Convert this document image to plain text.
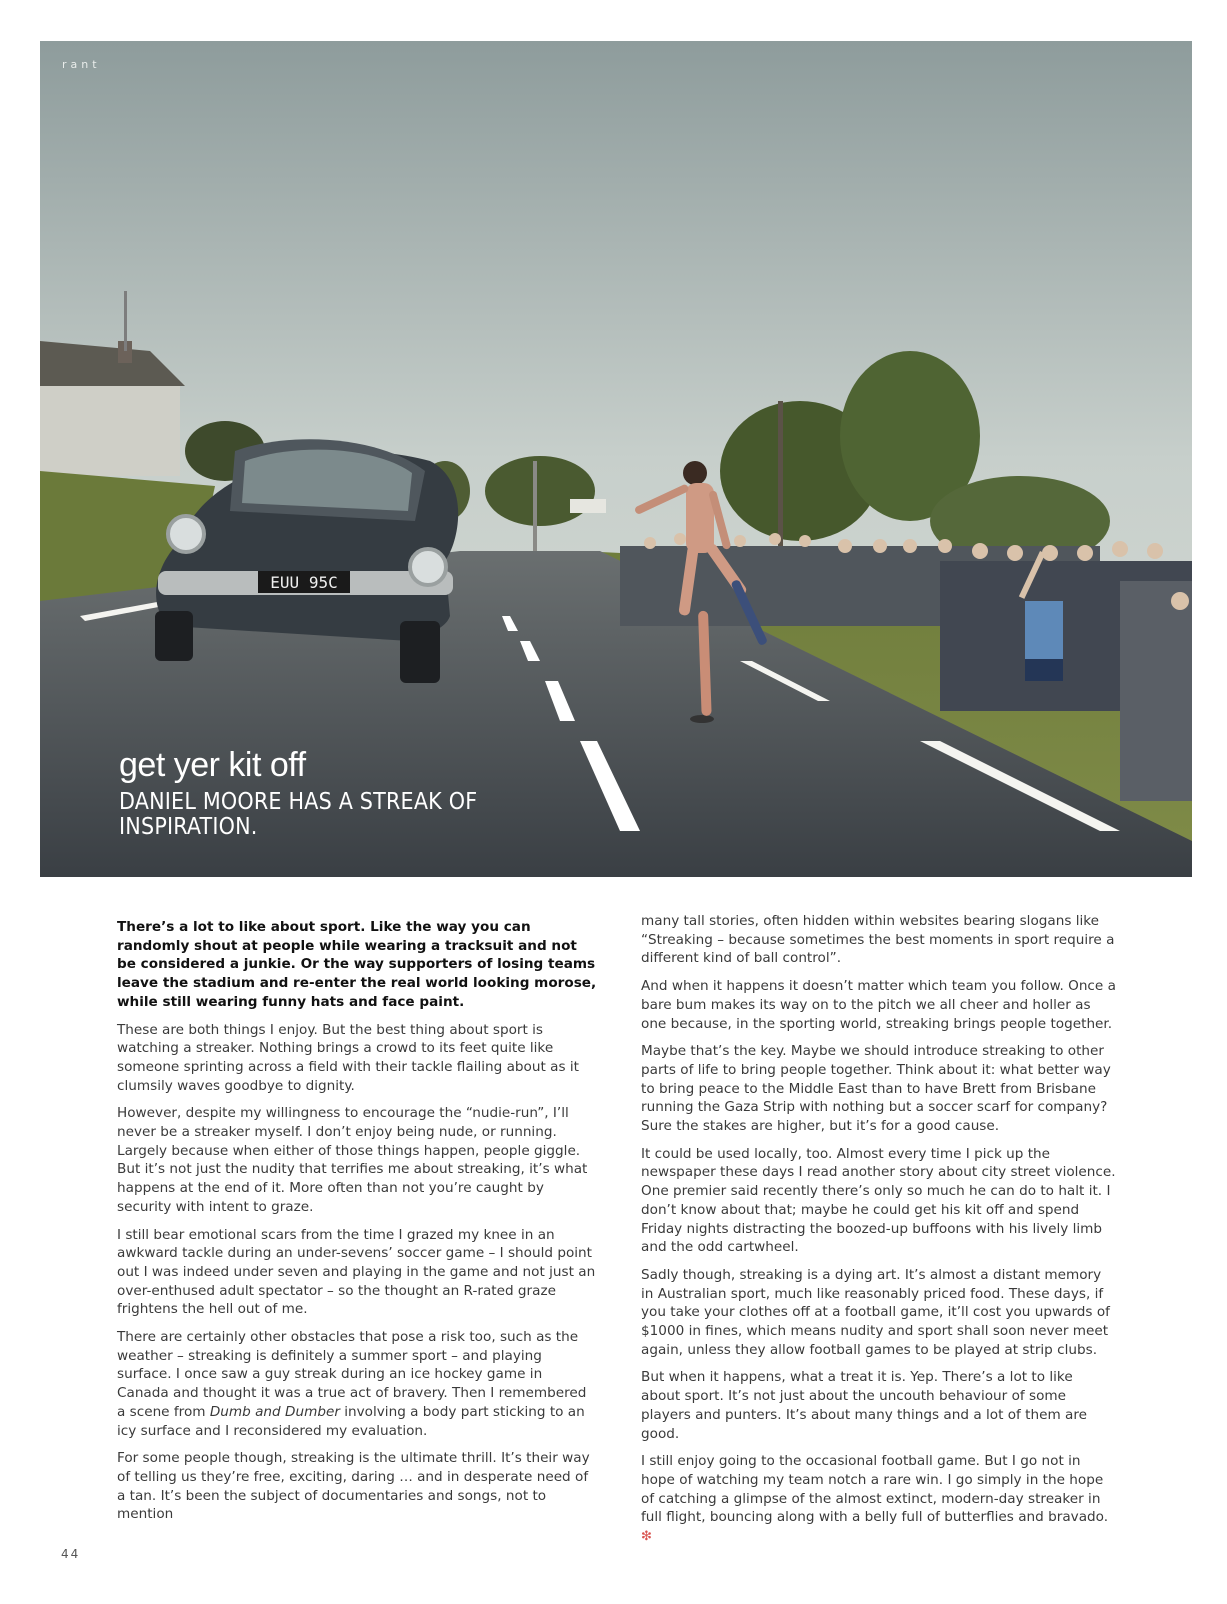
EUU 95C
rant
get yer kit off
DANIEL MOORE HAS A STREAK OF INSPIRATION.

There’s a lot to like about sport. Like the way you can randomly shout at people while wearing a tracksuit and not be considered a junkie. Or the way supporters of losing teams leave the stadium and re-enter the real world looking morose, while still wearing funny hats and face paint.

These are both things I enjoy. But the best thing about sport is watching a streaker. Nothing brings a crowd to its feet quite like someone sprinting across a field with their tackle flailing about as it clumsily waves goodbye to dignity.

However, despite my willingness to encourage the “nudie-run”, I’ll never be a streaker myself. I don’t enjoy being nude, or running. Largely because when either of those things happen, people giggle. But it’s not just the nudity that terrifies me about streaking, it’s what happens at the end of it. More often than not you’re caught by security with intent to graze.

I still bear emotional scars from the time I grazed my knee in an awkward tackle during an under-sevens’ soccer game – I should point out I was indeed under seven and playing in the game and not just an over-enthused adult spectator – so the thought an R-rated graze frightens the hell out of me.

There are certainly other obstacles that pose a risk too, such as the weather – streaking is definitely a summer sport – and playing surface. I once saw a guy streak during an ice hockey game in Canada and thought it was a true act of bravery. Then I remembered a scene from Dumb and Dumber involving a body part sticking to an icy surface and I reconsidered my evaluation.

For some people though, streaking is the ultimate thrill. It’s their way of telling us they’re free, exciting, daring … and in desperate need of a tan. It’s been the subject of documentaries and songs, not to mention

many tall stories, often hidden within websites bearing slogans like “Streaking – because sometimes the best moments in sport require a different kind of ball control”.

And when it happens it doesn’t matter which team you follow. Once a bare bum makes its way on to the pitch we all cheer and holler as one because, in the sporting world, streaking brings people together.

Maybe that’s the key. Maybe we should introduce streaking to other parts of life to bring people together. Think about it: what better way to bring peace to the Middle East than to have Brett from Brisbane running the Gaza Strip with nothing but a soccer scarf for company? Sure the stakes are higher, but it’s for a good cause.

It could be used locally, too. Almost every time I pick up the newspaper these days I read another story about city street violence. One premier said recently there’s only so much he can do to halt it. I don’t know about that; maybe he could get his kit off and spend Friday nights distracting the boozed-up buffoons with his lively limb and the odd cartwheel.

Sadly though, streaking is a dying art. It’s almost a distant memory in Australian sport, much like reasonably priced food. These days, if you take your clothes off at a football game, it’ll cost you upwards of $1000 in fines, which means nudity and sport shall soon never meet again, unless they allow football games to be played at strip clubs.

But when it happens, what a treat it is. Yep. There’s a lot to like about sport. It’s not just about the uncouth behaviour of some players and punters. It’s about many things and a lot of them are good.

I still enjoy going to the occasional football game. But I go not in hope of watching my team notch a rare win. I go simply in the hope of catching a glimpse of the almost extinct, modern-day streaker in full flight, bouncing along with a belly full of butterflies and bravado. ❇

44
